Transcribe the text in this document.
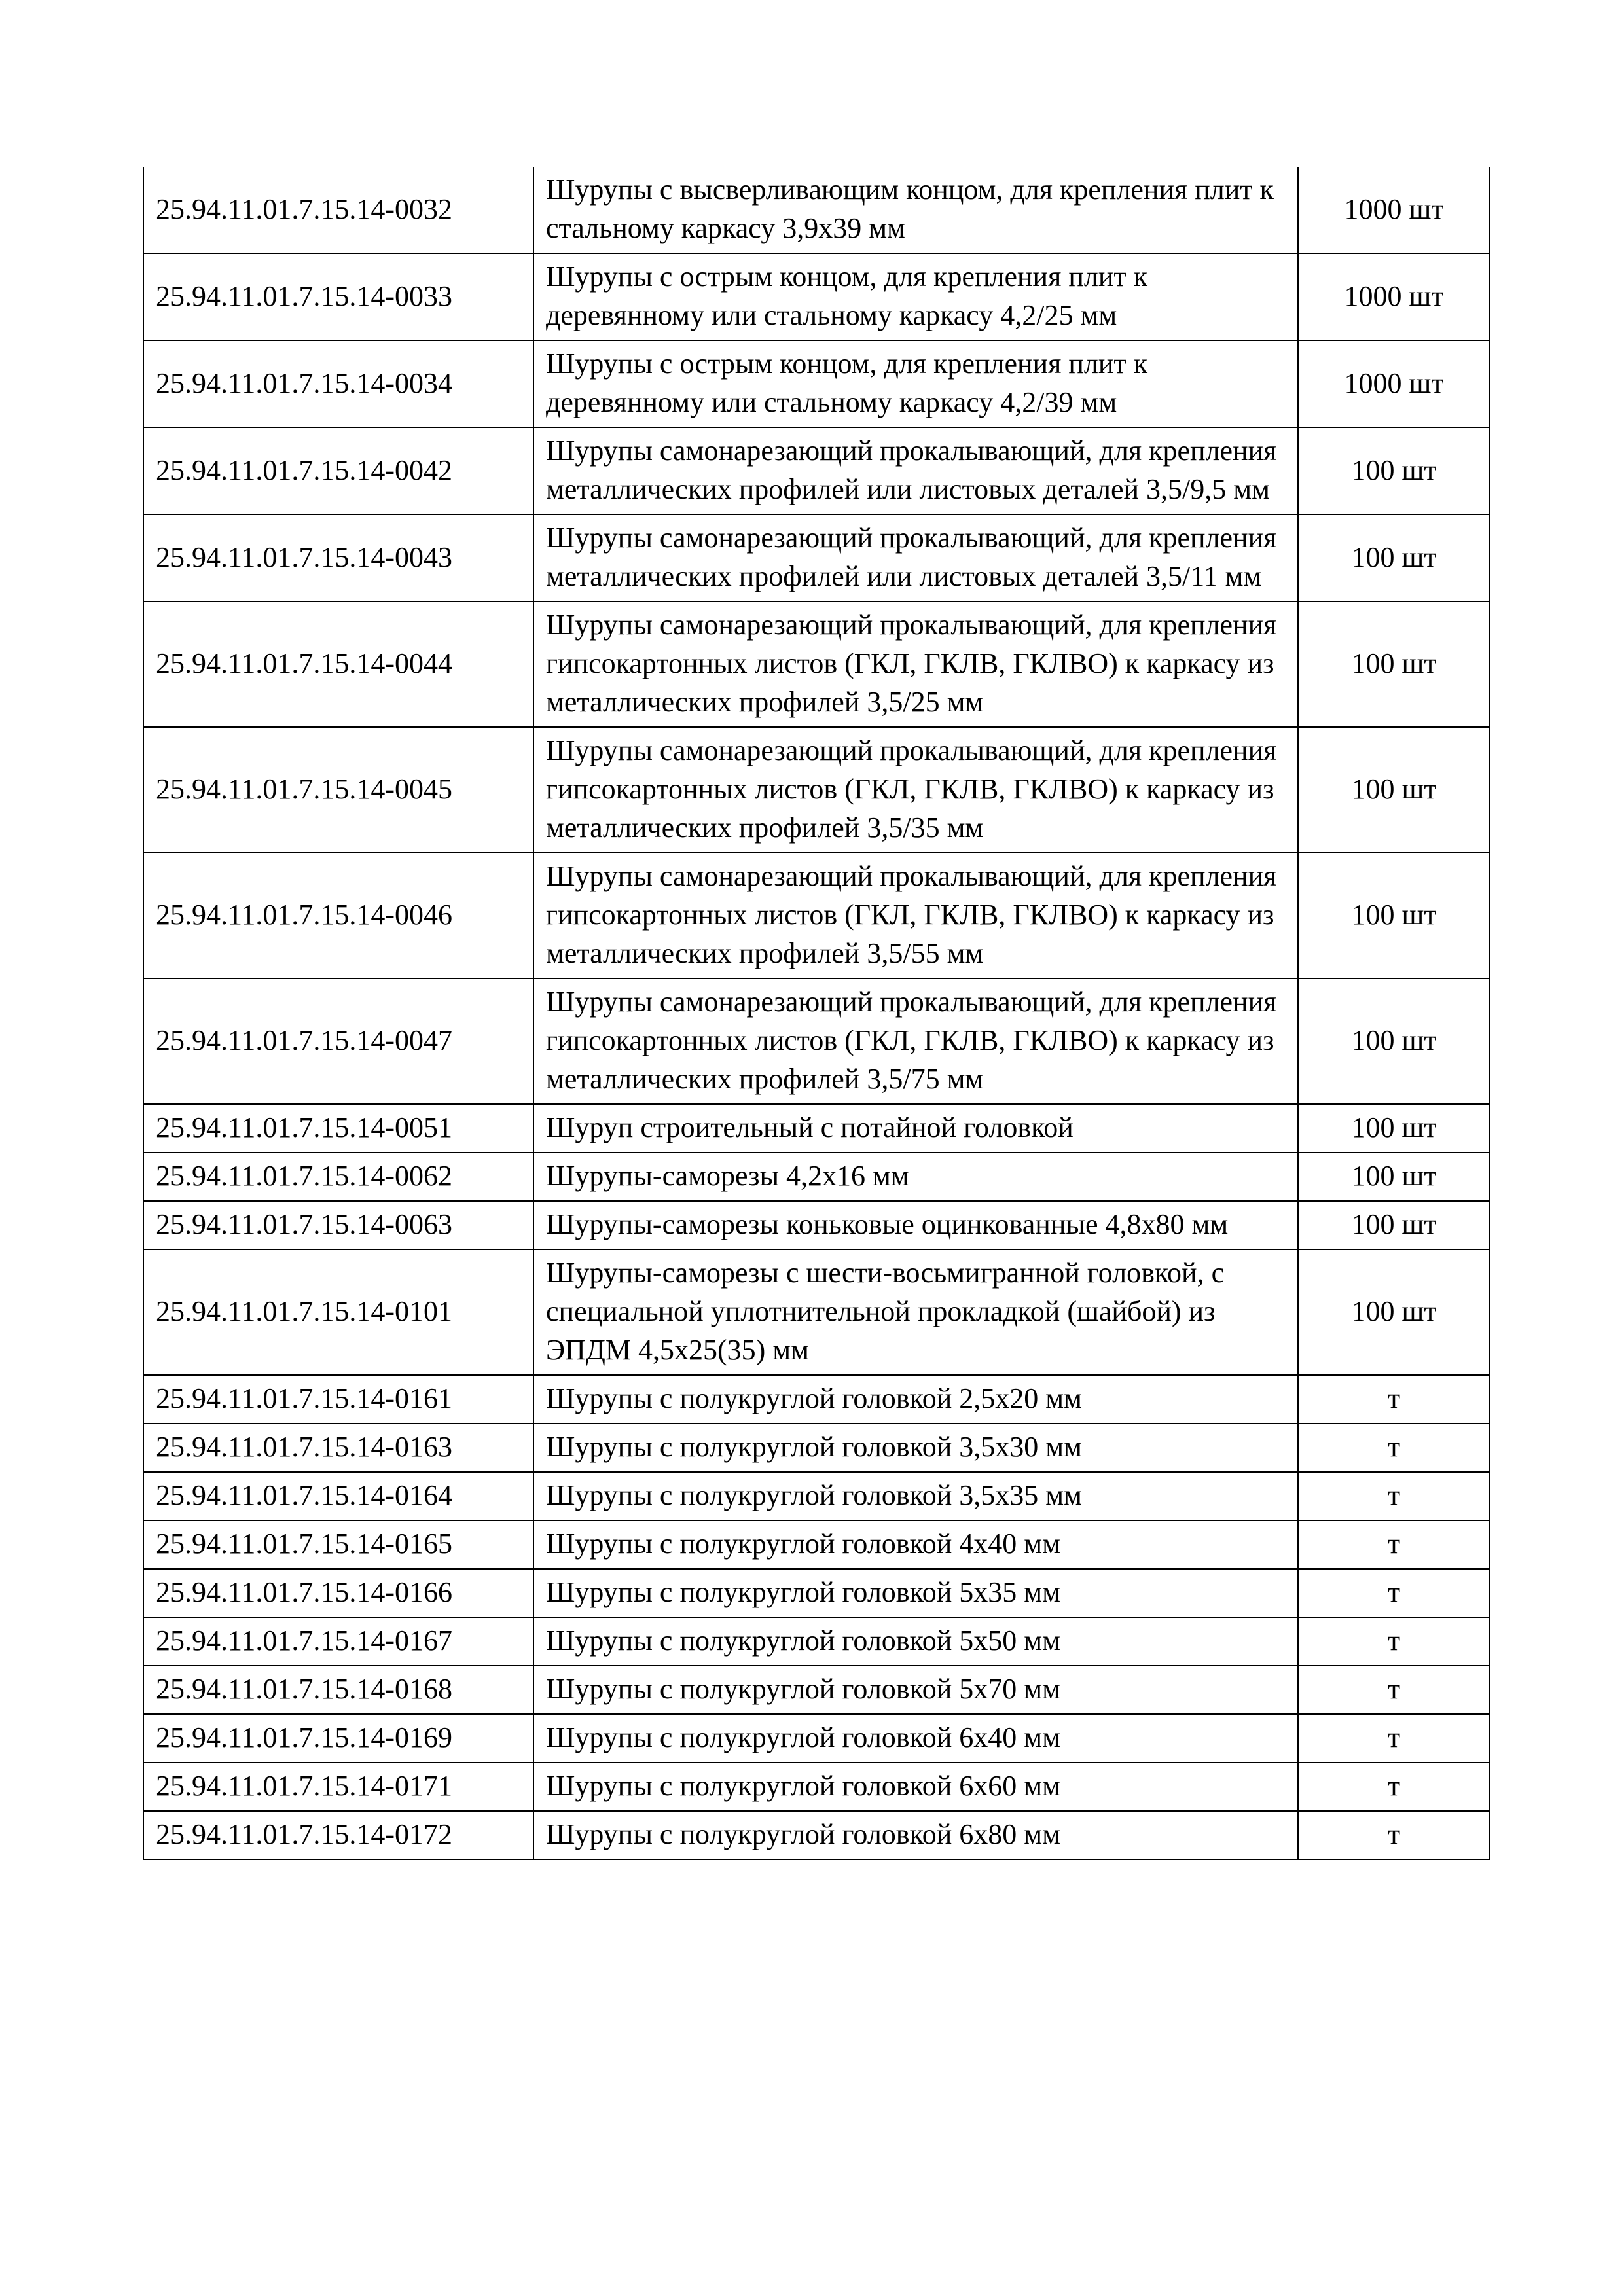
25.94.11.01.7.15.14-0032	Шурупы с высверливающим концом, для крепления плит к стальному каркасу 3,9х39 мм	1000 шт
25.94.11.01.7.15.14-0033	Шурупы с острым концом, для крепления плит к деревянному или стальному каркасу 4,2/25 мм	1000 шт
25.94.11.01.7.15.14-0034	Шурупы с острым концом, для крепления плит к деревянному или стальному каркасу 4,2/39 мм	1000 шт
25.94.11.01.7.15.14-0042	Шурупы самонарезающий прокалывающий, для крепления металлических профилей или листовых деталей 3,5/9,5 мм	100 шт
25.94.11.01.7.15.14-0043	Шурупы самонарезающий прокалывающий, для крепления металлических профилей или листовых деталей 3,5/11 мм	100 шт
25.94.11.01.7.15.14-0044	Шурупы самонарезающий прокалывающий, для крепления гипсокартонных листов (ГКЛ, ГКЛВ, ГКЛВО) к каркасу из металлических профилей 3,5/25 мм	100 шт
25.94.11.01.7.15.14-0045	Шурупы самонарезающий прокалывающий, для крепления гипсокартонных листов (ГКЛ, ГКЛВ, ГКЛВО) к каркасу из металлических профилей 3,5/35 мм	100 шт
25.94.11.01.7.15.14-0046	Шурупы самонарезающий прокалывающий, для крепления гипсокартонных листов (ГКЛ, ГКЛВ, ГКЛВО) к каркасу из металлических профилей 3,5/55 мм	100 шт
25.94.11.01.7.15.14-0047	Шурупы самонарезающий прокалывающий, для крепления гипсокартонных листов (ГКЛ, ГКЛВ, ГКЛВО) к каркасу из металлических профилей 3,5/75 мм	100 шт
25.94.11.01.7.15.14-0051	Шуруп строительный с потайной головкой	100 шт
25.94.11.01.7.15.14-0062	Шурупы-саморезы 4,2х16 мм	100 шт
25.94.11.01.7.15.14-0063	Шурупы-саморезы коньковые оцинкованные 4,8х80 мм	100 шт
25.94.11.01.7.15.14-0101	Шурупы-саморезы с шести-восьмигранной головкой, с специальной уплотнительной прокладкой (шайбой) из ЭПДМ 4,5х25(35) мм	100 шт
25.94.11.01.7.15.14-0161	Шурупы с полукруглой головкой 2,5х20 мм	т
25.94.11.01.7.15.14-0163	Шурупы с полукруглой головкой 3,5х30 мм	т
25.94.11.01.7.15.14-0164	Шурупы с полукруглой головкой 3,5х35 мм	т
25.94.11.01.7.15.14-0165	Шурупы с полукруглой головкой 4х40 мм	т
25.94.11.01.7.15.14-0166	Шурупы с полукруглой головкой 5х35 мм	т
25.94.11.01.7.15.14-0167	Шурупы с полукруглой головкой 5х50 мм	т
25.94.11.01.7.15.14-0168	Шурупы с полукруглой головкой 5х70 мм	т
25.94.11.01.7.15.14-0169	Шурупы с полукруглой головкой 6х40 мм	т
25.94.11.01.7.15.14-0171	Шурупы с полукруглой головкой 6х60 мм	т
25.94.11.01.7.15.14-0172	Шурупы с полукруглой головкой 6х80 мм	т
